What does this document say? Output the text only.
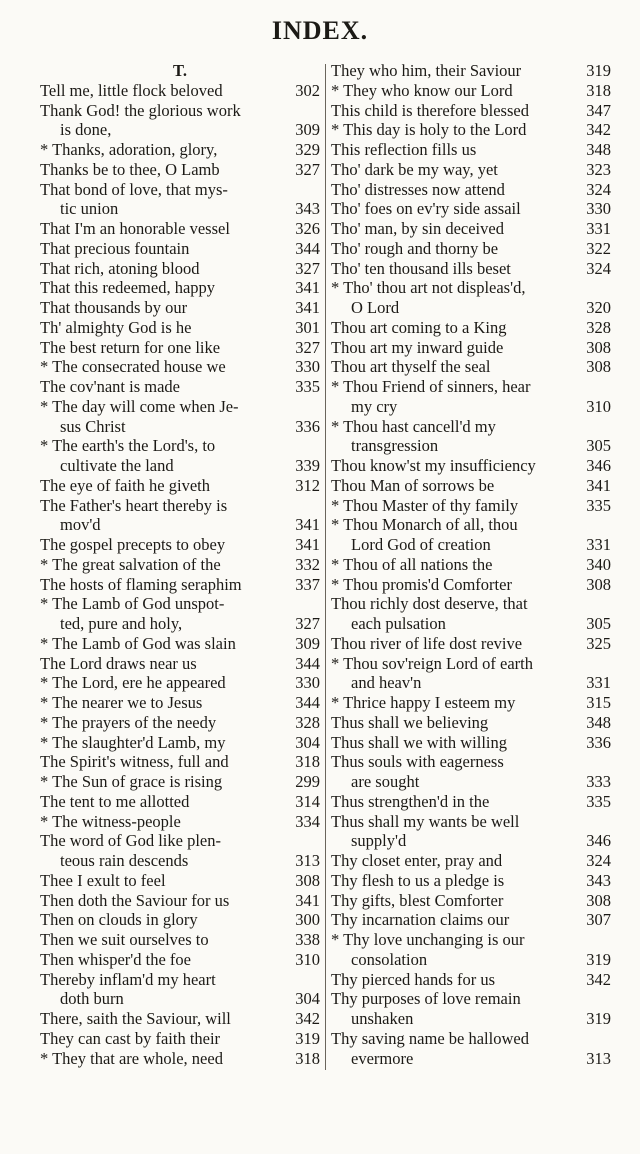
INDEX.
T.
Tell me, little flock beloved	302
Thank God! the glorious work
is done,	309
* Thanks, adoration, glory,	329
Thanks be to thee, O Lamb	327
That bond of love, that mys-
tic union	343
That I'm an honorable vessel	326
That precious fountain	344
That rich, atoning blood	327
That this redeemed, happy	341
That thousands by our	341
Th' almighty God is he	301
The best return for one like	327
* The consecrated house we	330
The cov'nant is made	335
* The day will come when Je-
sus Christ	336
* The earth's the Lord's, to
cultivate the land	339
The eye of faith he giveth	312
The Father's heart thereby is
mov'd	341
The gospel precepts to obey	341
* The great salvation of the	332
The hosts of flaming seraphim	337
* The Lamb of God unspot-
ted, pure and holy,	327
* The Lamb of God was slain	309
The Lord draws near us	344
* The Lord, ere he appeared	330
* The nearer we to Jesus	344
* The prayers of the needy	328
* The slaughter'd Lamb, my	304
The Spirit's witness, full and	318
* The Sun of grace is rising	299
The tent to me allotted	314
* The witness-people	334
The word of God like plen-
teous rain descends	313
Thee I exult to feel	308
Then doth the Saviour for us	341
Then on clouds in glory	300
Then we suit ourselves to	338
Then whisper'd the foe	310
Thereby inflam'd my heart
doth burn	304
There, saith the Saviour, will	342
They can cast by faith their	319
* They that are whole, need	318
They who him, their Saviour	319
* They who know our Lord	318
This child is therefore blessed	347
* This day is holy to the Lord	342
This reflection fills us	348
Tho' dark be my way, yet	323
Tho' distresses now attend	324
Tho' foes on ev'ry side assail	330
Tho' man, by sin deceived	331
Tho' rough and thorny be	322
Tho' ten thousand ills beset	324
* Tho' thou art not displeas'd,
O Lord	320
Thou art coming to a King	328
Thou art my inward guide	308
Thou art thyself the seal	308
* Thou Friend of sinners, hear
my cry	310
* Thou hast cancell'd my
transgression	305
Thou know'st my insufficiency	346
Thou Man of sorrows be	341
* Thou Master of thy family	335
* Thou Monarch of all, thou
Lord God of creation	331
* Thou of all nations the	340
* Thou promis'd Comforter	308
Thou richly dost deserve, that
each pulsation	305
Thou river of life dost revive	325
* Thou sov'reign Lord of earth
and heav'n	331
* Thrice happy I esteem my	315
Thus shall we believing	348
Thus shall we with willing	336
Thus souls with eagerness
are sought	333
Thus strengthen'd in the	335
Thus shall my wants be well
supply'd	346
Thy closet enter, pray and	324
Thy flesh to us a pledge is	343
Thy gifts, blest Comforter	308
Thy incarnation claims our	307
* Thy love unchanging is our
consolation	319
Thy pierced hands for us	342
Thy purposes of love remain
unshaken	319
Thy saving name be hallowed
evermore	313
